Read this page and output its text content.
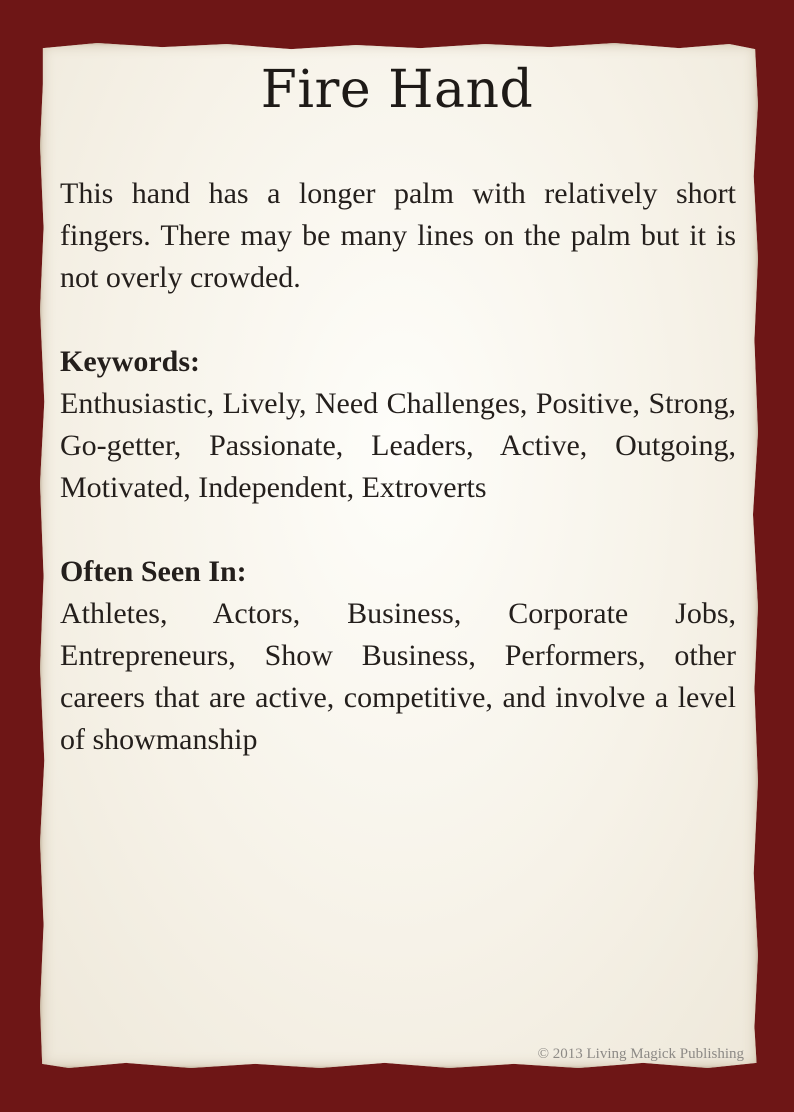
Fire Hand

This hand has a longer palm with relatively short fingers. There may be many lines on the palm but it is not overly crowded.

Keywords:

Enthusiastic, Lively, Need Challenges, Positive, Strong, Go-getter, Passionate, Leaders, Active, Outgoing, Motivated, Independent, Extroverts

Often Seen In:

Athletes, Actors, Business, Corporate Jobs, Entrepreneurs, Show Business, Performers, other careers that are active, competitive, and involve a level of showmanship

© 2013 Living Magick Publishing
